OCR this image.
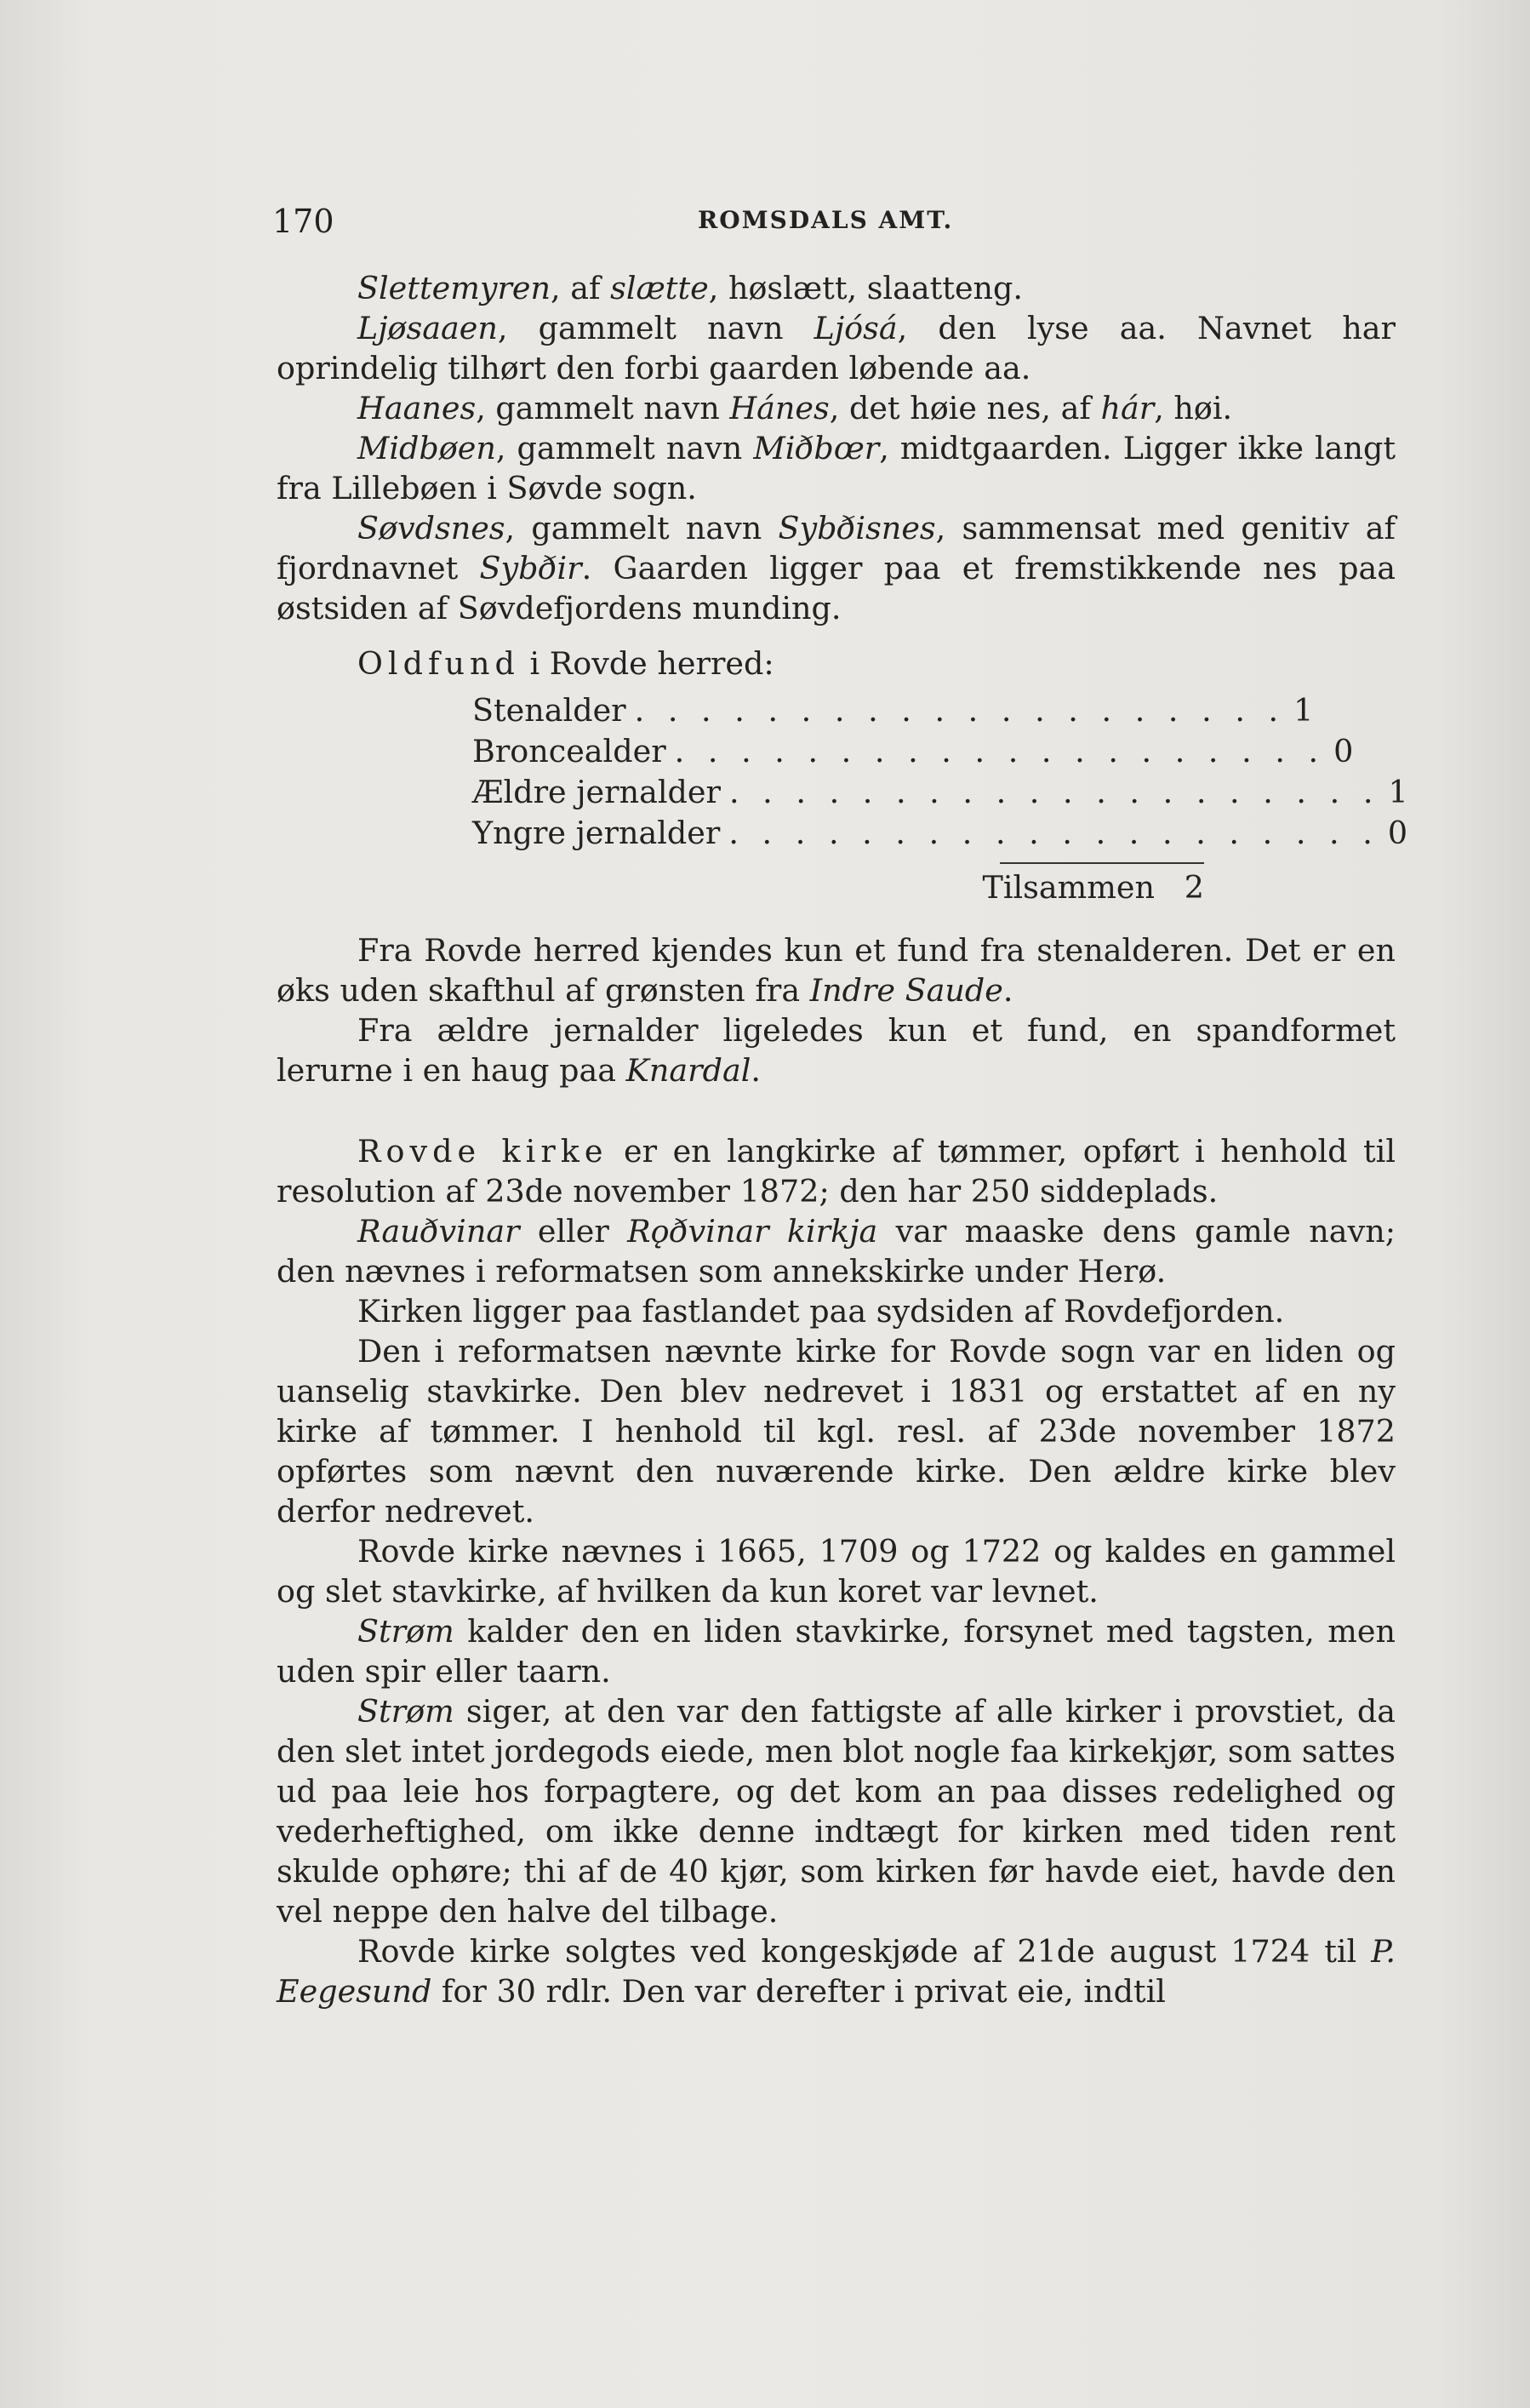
170	ROMSDALS AMT.

Slettemyren, af slætte, høslætt, slaatteng.

Ljøsaaen, gammelt navn Ljósá, den lyse aa. Navnet har oprindelig tilhørt den forbi gaarden løbende aa.

Haanes, gammelt navn Hánes, det høie nes, af hár, høi.

Midbøen, gammelt navn Miðbœr, midtgaarden. Ligger ikke langt fra Lillebøen i Søvde sogn.

Søvdsnes, gammelt navn Sybðisnes, sammensat med genitiv af fjordnavnet Sybðir. Gaarden ligger paa et fremstikkende nes paa østsiden af Søvdefjordens munding.

Oldfund i Rovde herred:

Stenalder . . . . . . . . . . . . . . . . . . . . 1
Broncealder . . . . . . . . . . . . . . . . . . . . 0
Ældre jernalder . . . . . . . . . . . . . . . . . . . . 1
Yngre jernalder . . . . . . . . . . . . . . . . . . . . 0
Tilsammen 2

Fra Rovde herred kjendes kun et fund fra stenalderen. Det er en øks uden skafthul af grønsten fra Indre Saude.

Fra ældre jernalder ligeledes kun et fund, en spandformet lerurne i en haug paa Knardal.

Rovde kirke er en langkirke af tømmer, opført i henhold til resolution af 23de november 1872; den har 250 siddeplads.

Rauðvinar eller Rǫðvinar kirkja var maaske dens gamle navn; den nævnes i reformatsen som annekskirke under Herø.

Kirken ligger paa fastlandet paa sydsiden af Rovdefjorden.

Den i reformatsen nævnte kirke for Rovde sogn var en liden og uanselig stavkirke. Den blev nedrevet i 1831 og erstattet af en ny kirke af tømmer. I henhold til kgl. resl. af 23de november 1872 opførtes som nævnt den nuværende kirke. Den ældre kirke blev derfor nedrevet.

Rovde kirke nævnes i 1665, 1709 og 1722 og kaldes en gammel og slet stavkirke, af hvilken da kun koret var levnet.

Strøm kalder den en liden stavkirke, forsynet med tagsten, men uden spir eller taarn.

Strøm siger, at den var den fattigste af alle kirker i provstiet, da den slet intet jordegods eiede, men blot nogle faa kirkekjør, som sattes ud paa leie hos forpagtere, og det kom an paa disses redelighed og vederheftighed, om ikke denne indtægt for kirken med tiden rent skulde ophøre; thi af de 40 kjør, som kirken før havde eiet, havde den vel neppe den halve del tilbage.

Rovde kirke solgtes ved kongeskjøde af 21de august 1724 til P. Eegesund for 30 rdlr. Den var derefter i privat eie, indtil
